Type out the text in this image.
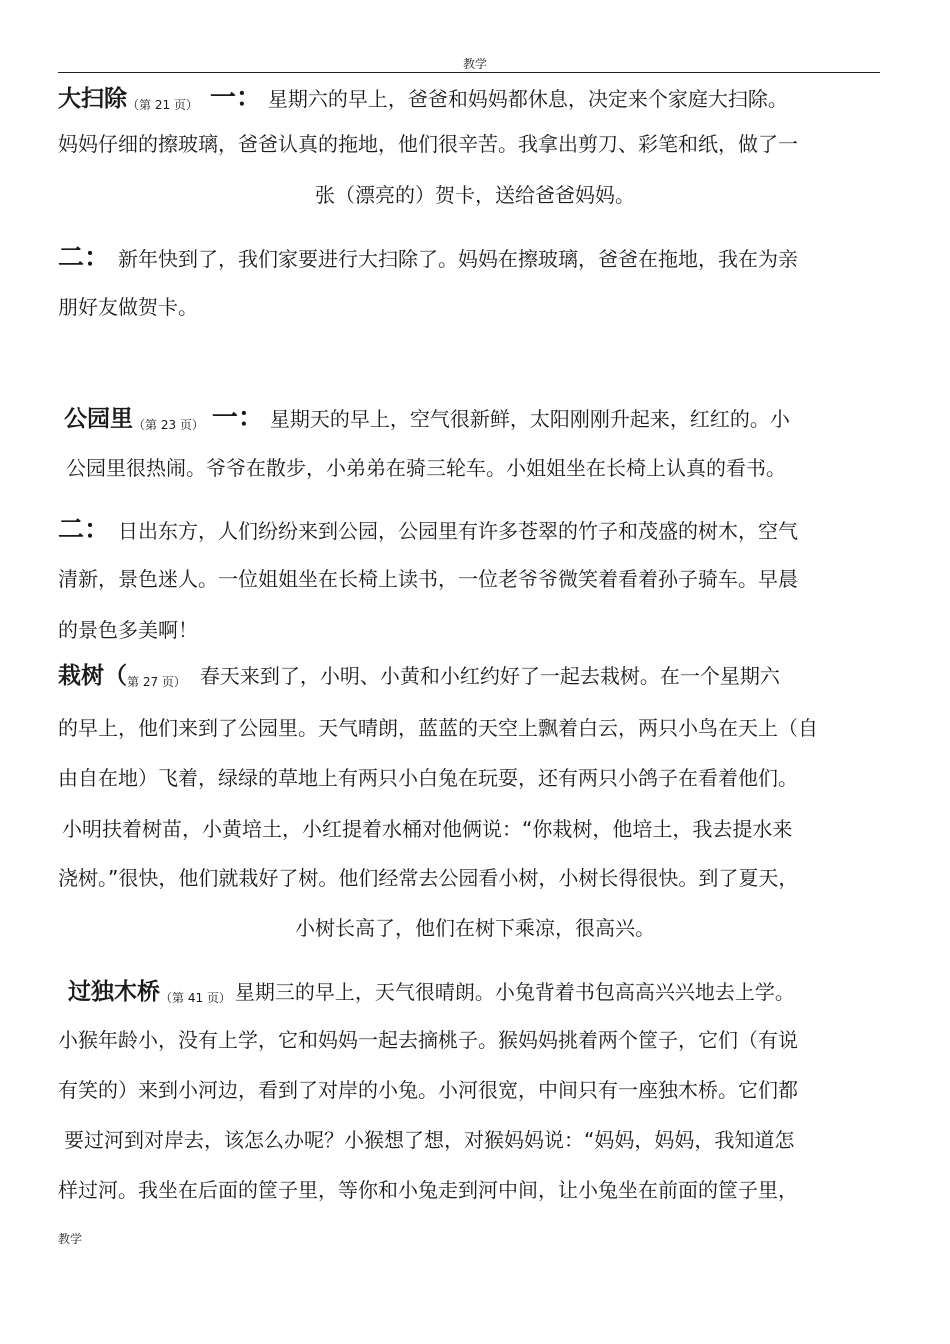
教学
大扫除（第 21 页） 一： 星期六的早上，爸爸和妈妈都休息，决定来个家庭大扫除。
妈妈仔细的擦玻璃，爸爸认真的拖地，他们很辛苦。我拿出剪刀、彩笔和纸，做了一
张（漂亮的）贺卡，送给爸爸妈妈。
二： 新年快到了，我们家要进行大扫除了。妈妈在擦玻璃，爸爸在拖地，我在为亲
朋好友做贺卡。
公园里（第 23 页） 一： 星期天的早上，空气很新鲜，太阳刚刚升起来，红红的。小
公园里很热闹。爷爷在散步，小弟弟在骑三轮车。小姐姐坐在长椅上认真的看书。
二： 日出东方，人们纷纷来到公园，公园里有许多苍翠的竹子和茂盛的树木，空气
清新，景色迷人。一位姐姐坐在长椅上读书，一位老爷爷微笑着看着孙子骑车。早晨
的景色多美啊！
栽树（第 27 页） 春天来到了，小明、小黄和小红约好了一起去栽树。在一个星期六
的早上，他们来到了公园里。天气晴朗，蓝蓝的天空上飘着白云，两只小鸟在天上（自
由自在地）飞着，绿绿的草地上有两只小白兔在玩耍，还有两只小鸽子在看着他们。
小明扶着树苗，小黄培土，小红提着水桶对他俩说：“你栽树，他培土，我去提水来
浇树。”很快，他们就栽好了树。他们经常去公园看小树，小树长得很快。到了夏天，
小树长高了，他们在树下乘凉，很高兴。
过独木桥（第 41 页） 星期三的早上，天气很晴朗。小兔背着书包高高兴兴地去上学。
小猴年龄小，没有上学，它和妈妈一起去摘桃子。猴妈妈挑着两个筐子，它们（有说
有笑的）来到小河边，看到了对岸的小兔。小河很宽，中间只有一座独木桥。它们都
要过河到对岸去，该怎么办呢？小猴想了想，对猴妈妈说：“妈妈，妈妈，我知道怎
样过河。我坐在后面的筐子里，等你和小兔走到河中间，让小兔坐在前面的筐子里，
教学
